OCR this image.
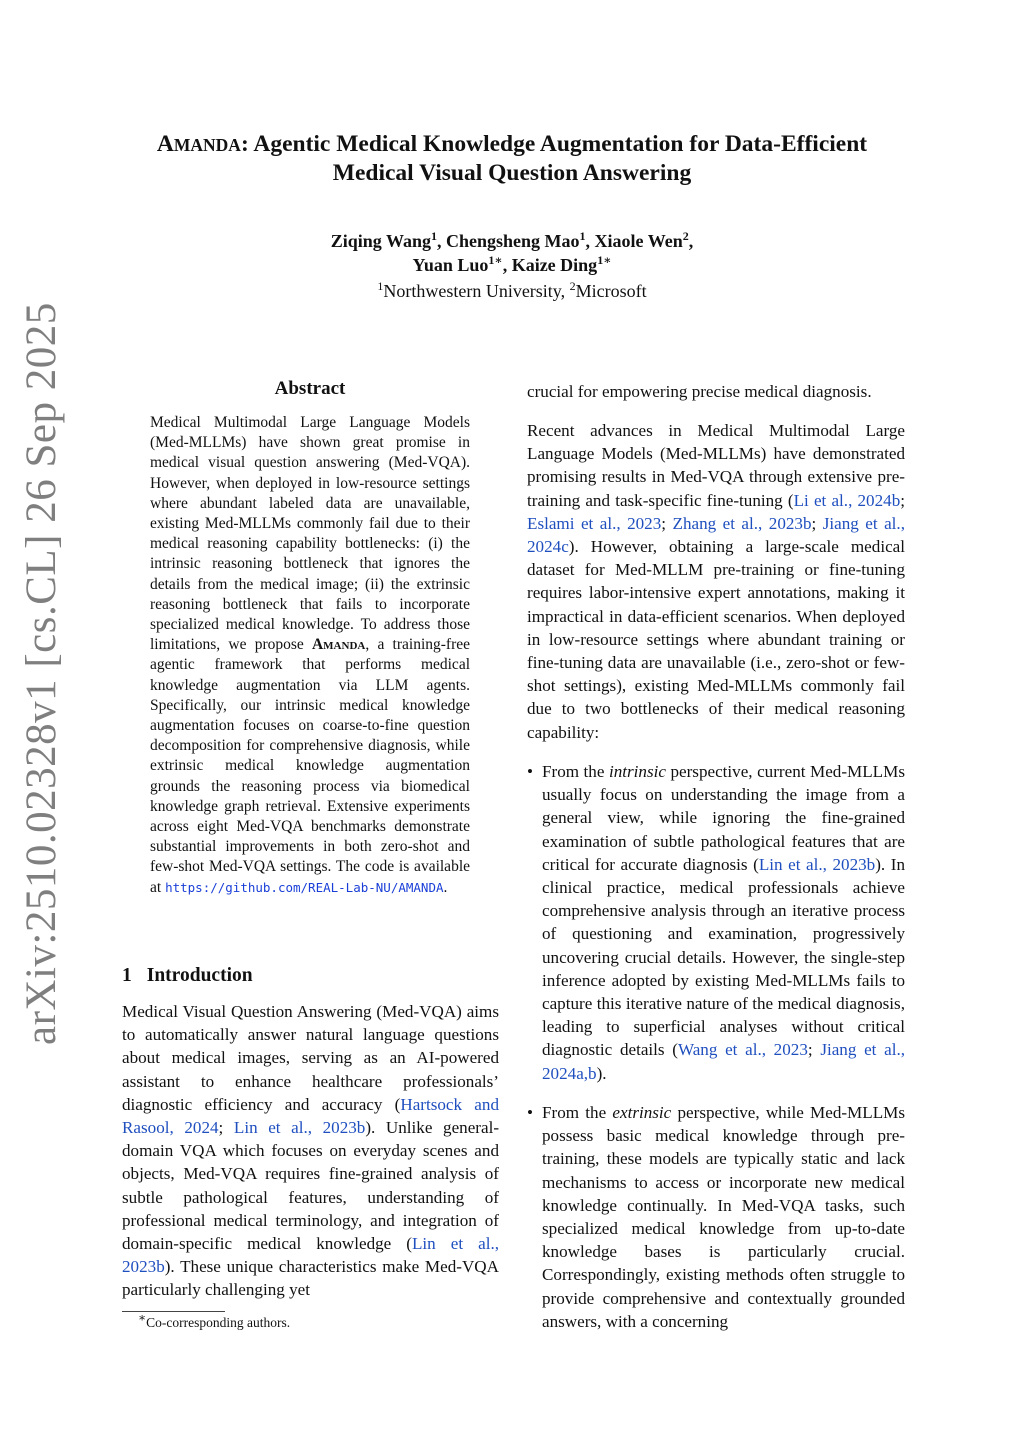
arXiv:2510.02328v1 [cs.CL] 26 Sep 2025
AMANDA: Agentic Medical Knowledge Augmentation for Data-Efficient
Medical Visual Question Answering
Ziqing Wang$^1$, Chengsheng Mao$^1$, Xiaole Wen$^2$,
Yuan Luo$^{1∗}$, Kaize Ding$^{1∗}$
$^1$Northwestern University, $^2$Microsoft
Abstract
Medical Multimodal Large Language Models (Med-MLLMs) have shown great promise in medical visual question answering (Med-VQA). However, when deployed in low-resource settings where abundant labeled data are unavailable, existing Med-MLLMs commonly fail due to their medical reasoning capability bottlenecks: (i) the intrinsic reasoning bottleneck that ignores the details from the medical image; (ii) the extrinsic reasoning bottleneck that fails to incorporate specialized medical knowledge. To address those limitations, we propose Amanda, a training-free agentic framework that performs medical knowledge augmentation via LLM agents. Specifically, our intrinsic medical knowledge augmentation focuses on coarse-to-fine question decomposition for comprehensive diagnosis, while extrinsic medical knowledge augmentation grounds the reasoning process via biomedical knowledge graph retrieval. Extensive experiments across eight Med-VQA benchmarks demonstrate substantial improvements in both zero-shot and few-shot Med-VQA settings. The code is available at https://github.com/REAL-Lab-NU/AMANDA.
1 Introduction
Medical Visual Question Answering (Med-VQA) aims to automatically answer natural language questions about medical images, serving as an AI-powered assistant to enhance healthcare professionals’ diagnostic efficiency and accuracy (Hartsock and Rasool, 2024; Lin et al., 2023b). Unlike general-domain VQA which focuses on everyday scenes and objects, Med-VQA requires fine-grained analysis of subtle pathological features, understanding of professional medical terminology, and integration of domain-specific medical knowledge (Lin et al., 2023b). These unique characteristics make Med-VQA particularly challenging yet
∗Co-corresponding authors.
crucial for empowering precise medical diagnosis.
Recent advances in Medical Multimodal Large Language Models (Med-MLLMs) have demonstrated promising results in Med-VQA through extensive pre-training and task-specific fine-tuning (Li et al., 2024b; Eslami et al., 2023; Zhang et al., 2023b; Jiang et al., 2024c). However, obtaining a large-scale medical dataset for Med-MLLM pre-training or fine-tuning requires labor-intensive expert annotations, making it impractical in data-efficient scenarios. When deployed in low-resource settings where abundant training or fine-tuning data are unavailable (i.e., zero-shot or few-shot settings), existing Med-MLLMs commonly fail due to two bottlenecks of their medical reasoning capability:
• From the intrinsic perspective, current Med-MLLMs usually focus on understanding the image from a general view, while ignoring the fine-grained examination of subtle pathological features that are critical for accurate diagnosis (Lin et al., 2023b). In clinical practice, medical professionals achieve comprehensive analysis through an iterative process of questioning and examination, progressively uncovering crucial details. However, the single-step inference adopted by existing Med-MLLMs fails to capture this iterative nature of the medical diagnosis, leading to superficial analyses without critical diagnostic details (Wang et al., 2023; Jiang et al., 2024a,b).
• From the extrinsic perspective, while Med-MLLMs possess basic medical knowledge through pre-training, these models are typically static and lack mechanisms to access or incorporate new medical knowledge continually. In Med-VQA tasks, such specialized medical knowledge from up-to-date knowledge bases is particularly crucial. Correspondingly, existing methods often struggle to provide comprehensive and contextually grounded answers, with a concerning
